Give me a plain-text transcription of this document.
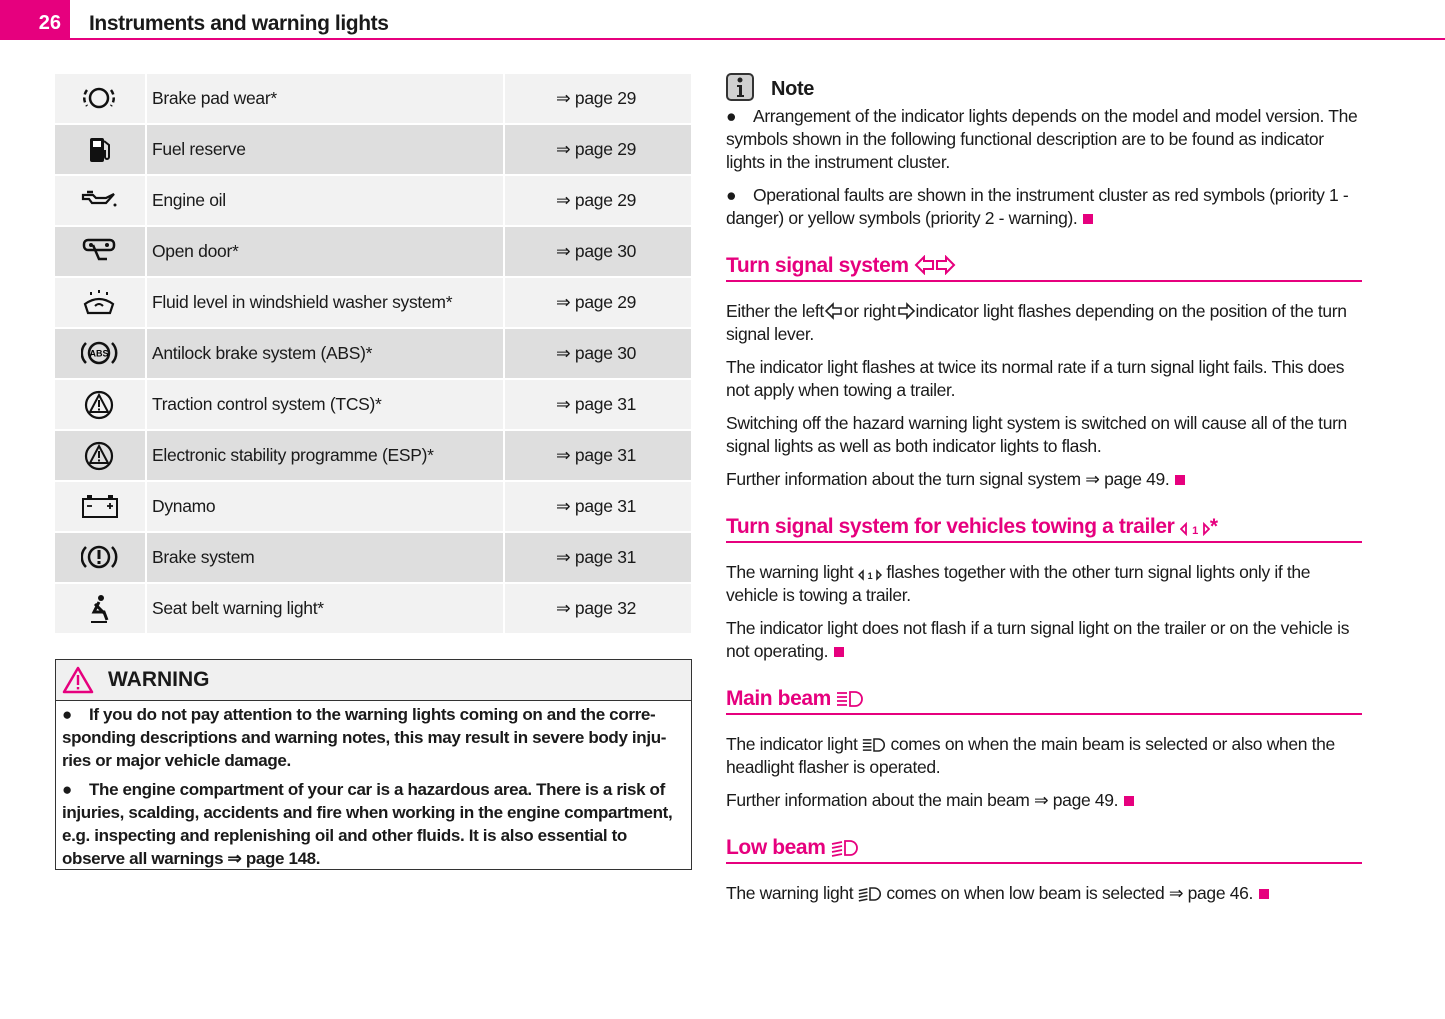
26	Instruments and warning lights
Brake pad wear*	⇒ page 29
Fuel reserve	⇒ page 29
Engine oil	⇒ page 29
Open door*	⇒ page 30
Fluid level in windshield washer system*	⇒ page 29
ABS Antilock brake system (ABS)*	⇒ page 30
Traction control system (TCS)*	⇒ page 31
Electronic stability programme (ESP)*	⇒ page 31
Dynamo	⇒ page 31
Brake system	⇒ page 31
Seat belt warning light*	⇒ page 32
WARNING

● If you do not pay attention to the warning lights coming on and the corre-sponding descriptions and warning notes, this may result in severe body inju-ries or major vehicle damage.

● The engine compartment of your car is a hazardous area. There is a risk of injuries, scalding, accidents and fire when working in the engine compartment, e.g. inspecting and replenishing oil and other fluids. It is also essential to observe all warnings ⇒ page 148.

Note

● Arrangement of the indicator lights depends on the model and model version. The symbols shown in the following functional description are to be found as indicator lights in the instrument cluster.

● Operational faults are shown in the instrument cluster as red symbols (priority 1 - danger) or yellow symbols (priority 2 - warning).

Turn signal system

Either the left or right indicator light flashes depending on the position of the turn signal lever.

The indicator light flashes at twice its normal rate if a turn signal light fails. This does not apply when towing a trailer.

Switching off the hazard warning light system is switched on will cause all of the turn signal lights as well as both indicator lights to flash.

Further information about the turn signal system ⇒ page 49.

Turn signal system for vehicles towing a trailer 1 *

The warning light 1 flashes together with the other turn signal lights only if the vehicle is towing a trailer.

The indicator light does not flash if a turn signal light on the trailer or on the vehicle is not operating.

Main beam

The indicator light comes on when the main beam is selected or also when the headlight flasher is operated.

Further information about the main beam ⇒ page 49.

Low beam

The warning light comes on when low beam is selected ⇒ page 46.
